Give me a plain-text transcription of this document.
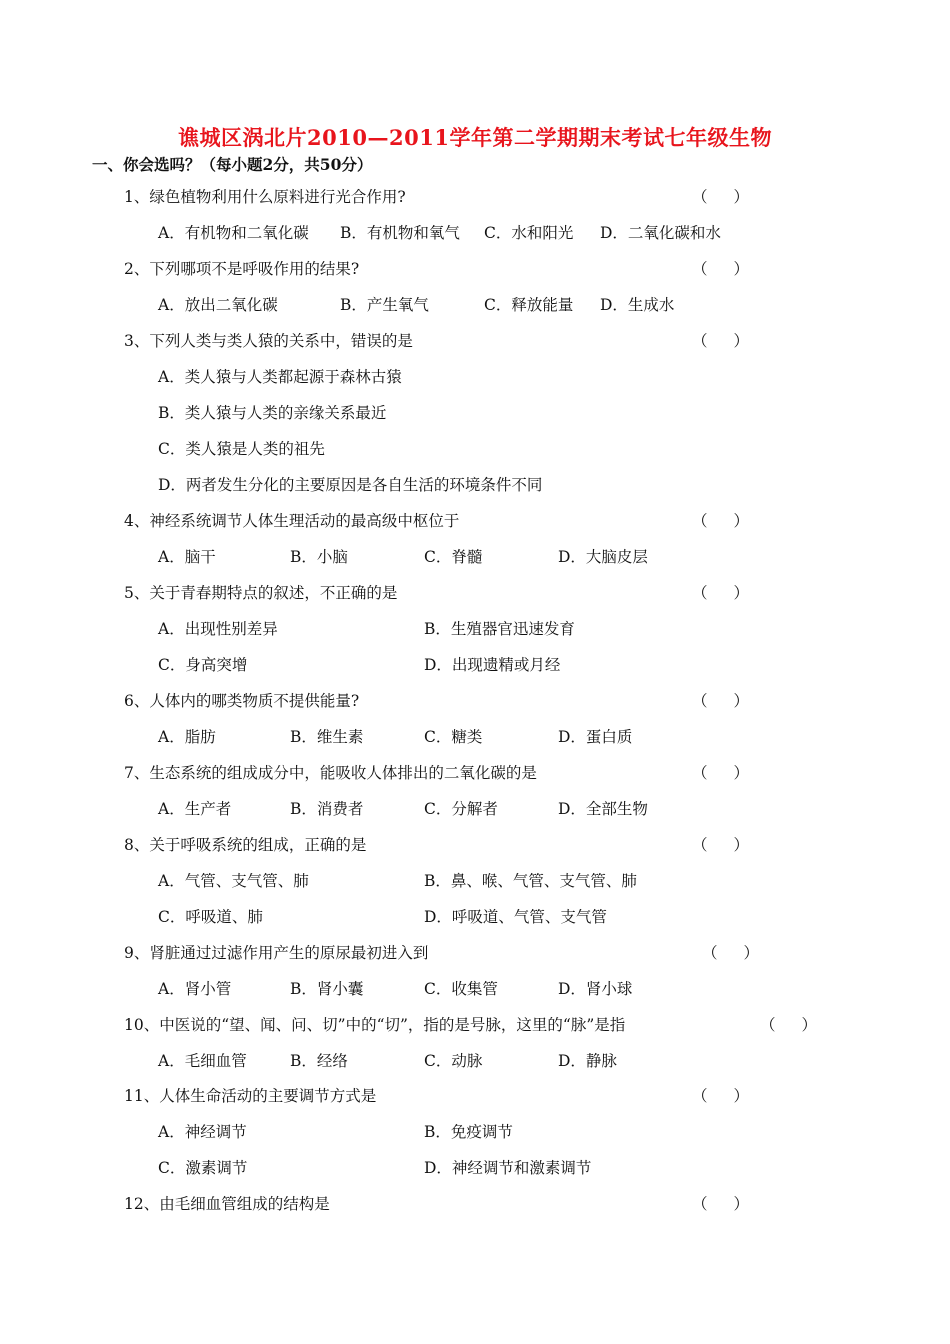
谯城区涡北片2010—2011学年第二学期期末考试七年级生物
一、你会选吗？（每小题2分，共50分）
1、绿色植物利用什么原料进行光合作用?	（ ）
A．有机物和二氧化碳 B．有机物和氧气 C．水和阳光 D．二氧化碳和水
2、下列哪项不是呼吸作用的结果?	（ ）
A．放出二氧化碳	B．产生氧气	C．释放能量 D．生成水
3、下列人类与类人猿的关系中，错误的是	（ ）
A．类人猿与人类都起源于森林古猿
B．类人猿与人类的亲缘关系最近
C．类人猿是人类的祖先
D．两者发生分化的主要原因是各自生活的环境条件不同
4、神经系统调节人体生理活动的最高级中枢位于	（ ）
A．脑干	B．小脑	C．脊髓	D．大脑皮层
5、关于青春期特点的叙述，不正确的是	（ ）
A．出现性别差异	B．生殖器官迅速发育
C．身高突增	D．出现遗精或月经
6、人体内的哪类物质不提供能量?	（ ）
A．脂肪	B．维生素	C．糖类	D．蛋白质
7、生态系统的组成成分中，能吸收人体排出的二氧化碳的是	（ ）
A．生产者	B．消费者	C．分解者	D．全部生物
8、关于呼吸系统的组成，正确的是	（ ）
A．气管、支气管、肺	B．鼻、喉、气管、支气管、肺
C．呼吸道、肺	D．呼吸道、气管、支气管
9、肾脏通过过滤作用产生的原尿最初进入到	（ ）
A．肾小管	B．肾小囊	C．收集管	D．肾小球
10、中医说的“望、闻、问、切”中的“切”，指的是号脉，这里的“脉”是指	（ ）
A．毛细血管	B．经络	C．动脉	D．静脉
11、人体生命活动的主要调节方式是	（ ）
A．神经调节	B．免疫调节
C．激素调节	D．神经调节和激素调节
12、由毛细血管组成的结构是	（ ）
